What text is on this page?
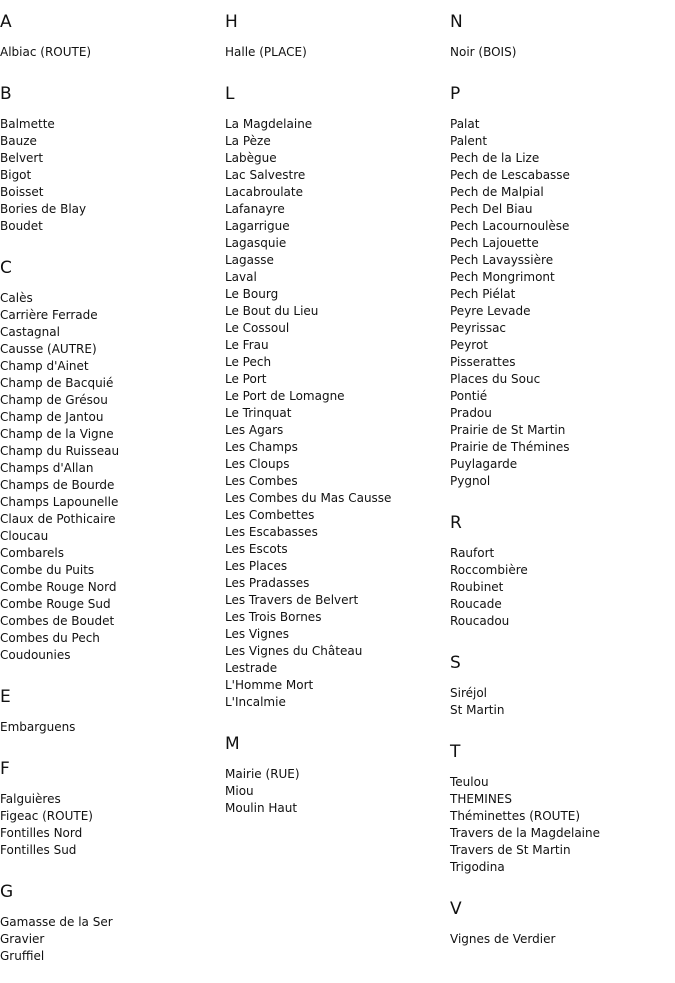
A
Albiac (ROUTE)
B
Balmette
Bauze
Belvert
Bigot
Boisset
Bories de Blay
Boudet
C
Calès
Carrière Ferrade
Castagnal
Causse (AUTRE)
Champ d'Ainet
Champ de Bacquié
Champ de Grésou
Champ de Jantou
Champ de la Vigne
Champ du Ruisseau
Champs d'Allan
Champs de Bourde
Champs Lapounelle
Claux de Pothicaire
Cloucau
Combarels
Combe du Puits
Combe Rouge Nord
Combe Rouge Sud
Combes de Boudet
Combes du Pech
Coudounies
E
Embarguens
F
Falguières
Figeac (ROUTE)
Fontilles Nord
Fontilles Sud
G
Gamasse de la Ser
Gravier
Gruffiel
H
Halle (PLACE)
L
La Magdelaine
La Pèze
Labègue
Lac Salvestre
Lacabroulate
Lafanayre
Lagarrigue
Lagasquie
Lagasse
Laval
Le Bourg
Le Bout du Lieu
Le Cossoul
Le Frau
Le Pech
Le Port
Le Port de Lomagne
Le Trinquat
Les Agars
Les Champs
Les Cloups
Les Combes
Les Combes du Mas Causse
Les Combettes
Les Escabasses
Les Escots
Les Places
Les Pradasses
Les Travers de Belvert
Les Trois Bornes
Les Vignes
Les Vignes du Château
Lestrade
L'Homme Mort
L'Incalmie
M
Mairie (RUE)
Miou
Moulin Haut
N
Noir (BOIS)
P
Palat
Palent
Pech de la Lize
Pech de Lescabasse
Pech de Malpial
Pech Del Biau
Pech Lacournoulèse
Pech Lajouette
Pech Lavayssière
Pech Mongrimont
Pech Piélat
Peyre Levade
Peyrissac
Peyrot
Pisserattes
Places du Souc
Pontié
Pradou
Prairie de St Martin
Prairie de Thémines
Puylagarde
Pygnol
R
Raufort
Roccombière
Roubinet
Roucade
Roucadou
S
Siréjol
St Martin
T
Teulou
THEMINES
Théminettes (ROUTE)
Travers de la Magdelaine
Travers de St Martin
Trigodina
V
Vignes de Verdier
